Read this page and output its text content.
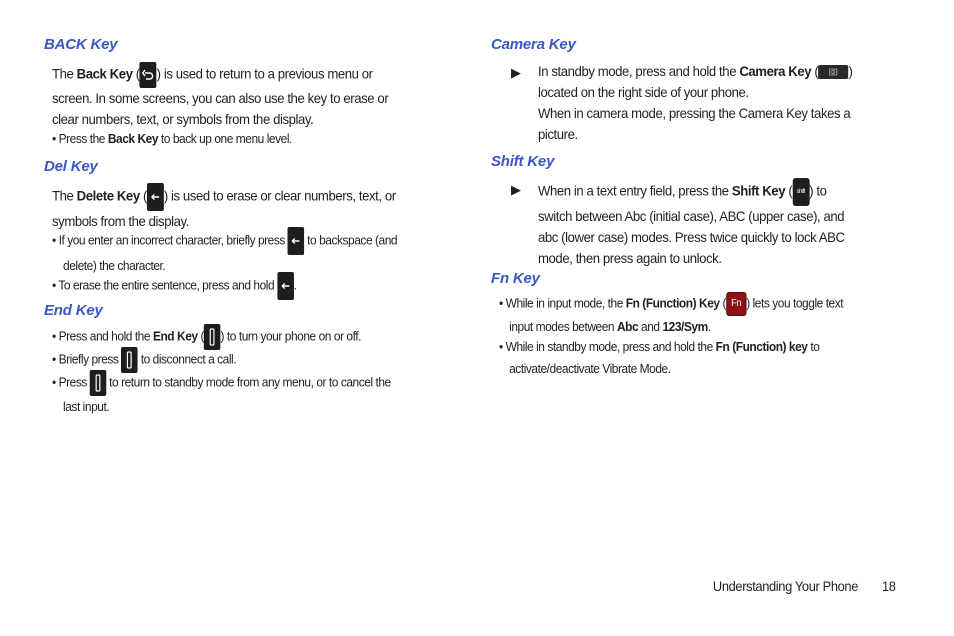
BACK Key
The Back Key ( ) is used to return to a previous menu or
screen. In some screens, you can also use the key to erase or
clear numbers, text, or symbols from the display.
• Press the Back Key to back up one menu level.
Del Key
The Delete Key ( ) is used to erase or clear numbers, text, or
symbols from the display.
• If you enter an incorrect character, briefly press
to backspace (and
delete) the character.
• To erase the entire sentence, press and hold
.
End Key
• Press and hold the End Key ( ) to turn your phone on or off.
• Briefly press
to disconnect a call.
• Press
to return to standby mode from any menu, or to cancel the
last input.
Camera Key
▶ In standby mode, press and hold the Camera Key ( )
located on the right side of your phone.
When in camera mode, pressing the Camera Key takes a
picture.
Shift Key
▶ When in a text entry field, press the Shift Key ( shift ) to
switch between Abc (initial case), ABC (upper case), and
abc (lower case) modes. Press twice quickly to lock ABC
mode, then press again to unlock.
Fn Key
• While in input mode, the Fn (Function) Key ( Fn ) lets you toggle text
input modes between Abc and 123/Sym.
• While in standby mode, press and hold the Fn (Function) key to
activate/deactivate Vibrate Mode.
Understanding Your Phone 18
